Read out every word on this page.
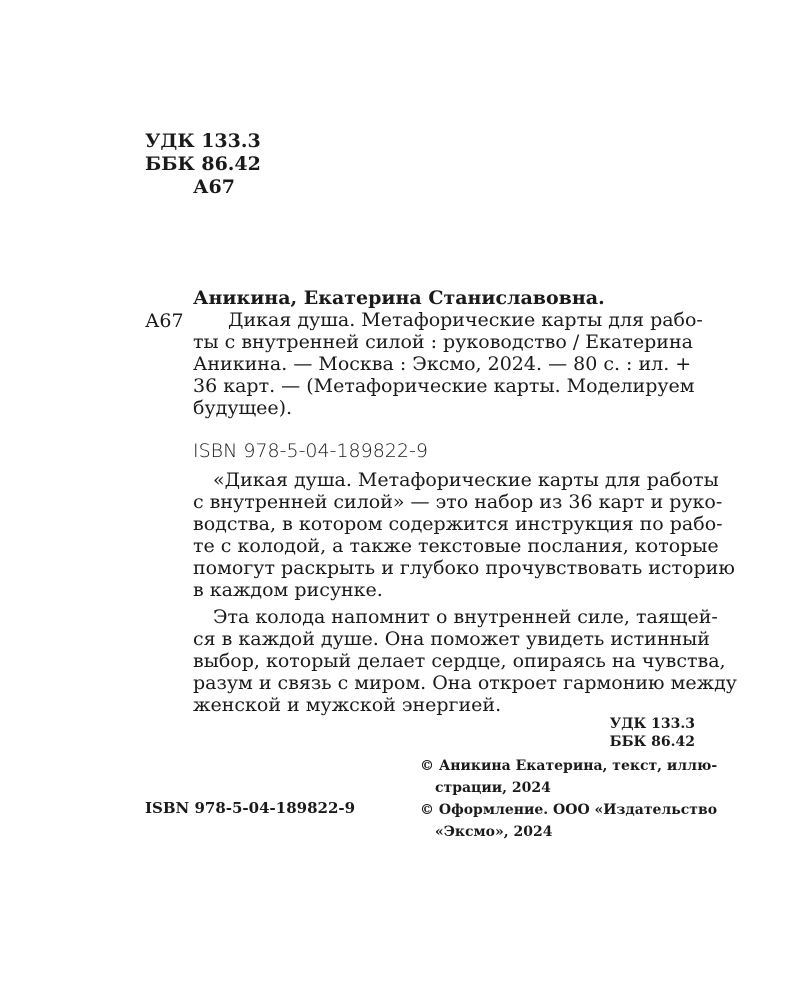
УДК 133.3
ББК 86.42
А67

Аникина, Екатерина Станиславовна.

А67	Дикая душа. Метафорические карты для рабо-
ты с внутренней силой : руководство / Екатерина
Аникина. — Москва : Эксмо, 2024. — 80 с. : ил. +
36 карт. — (Метафорические карты. Моделируем
будущее).

ISBN 978-5-04-189822-9

«Дикая душа. Метафорические карты для работы
с внутренней силой» — это набор из 36 карт и руко-
водства, в котором содержится инструкция по рабо-
те с колодой, а также текстовые послания, которые
помогут раскрыть и глубоко прочувствовать историю
в каждом рисунке.
Эта колода напомнит о внутренней силе, таящей-
ся в каждой душе. Она поможет увидеть истинный
выбор, который делает сердце, опираясь на чувства,
разум и связь с миром. Она откроет гармонию между
женской и мужской энергией.
УДК 133.3
ББК 86.42

ISBN 978-5-04-189822-9

© Аникина Екатерина, текст, иллю-
страции, 2024
© Оформление. ООО «Издательство
«Эксмо», 2024
